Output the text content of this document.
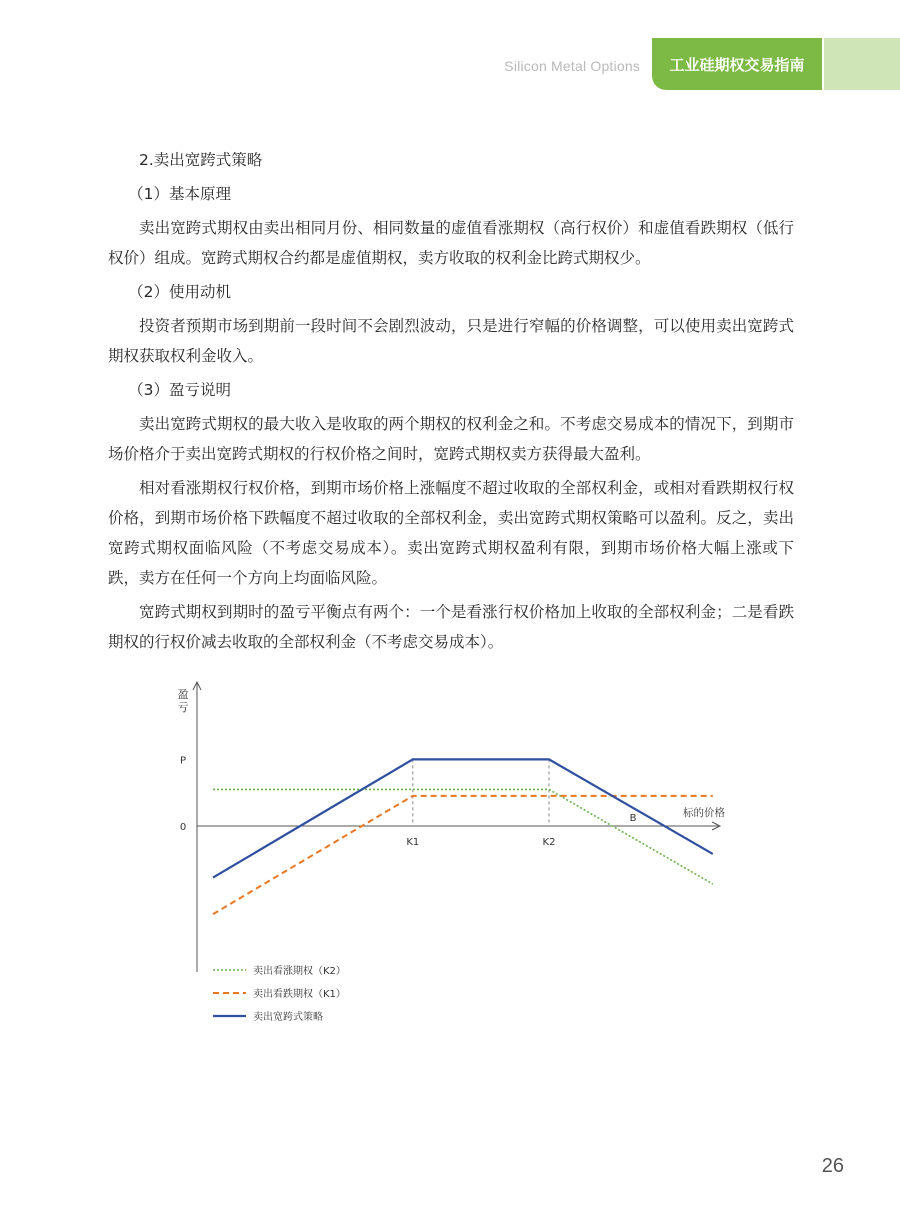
Silicon Metal Options 工业硅期权交易指南
2.卖出宽跨式策略
（1）基本原理

卖出宽跨式期权由卖出相同月份、相同数量的虚值看涨期权（高行权价）和虚值看跌期权（低行权价）组成。宽跨式期权合约都是虚值期权，卖方收取的权利金比跨式期权少。

（2）使用动机

投资者预期市场到期前一段时间不会剧烈波动，只是进行窄幅的价格调整，可以使用卖出宽跨式期权获取权利金收入。

（3）盈亏说明

卖出宽跨式期权的最大收入是收取的两个期权的权利金之和。不考虑交易成本的情况下，到期市场价格介于卖出宽跨式期权的行权价格之间时，宽跨式期权卖方获得最大盈利。

相对看涨期权行权价格，到期市场价格上涨幅度不超过收取的全部权利金，或相对看跌期权行权价格，到期市场价格下跌幅度不超过收取的全部权利金，卖出宽跨式期权策略可以盈利。反之，卖出宽跨式期权面临风险（不考虑交易成本）。卖出宽跨式期权盈利有限，到期市场价格大幅上涨或下跌，卖方在任何一个方向上均面临风险。

宽跨式期权到期时的盈亏平衡点有两个：一个是看涨行权价格加上收取的全部权利金；二是看跌期权的行权价减去收取的全部权利金（不考虑交易成本）。

盈
亏
P
0
标的价格
K1	K2
B
卖出看涨期权（K2）
卖出看跌期权（K1）
卖出宽跨式策略
26
